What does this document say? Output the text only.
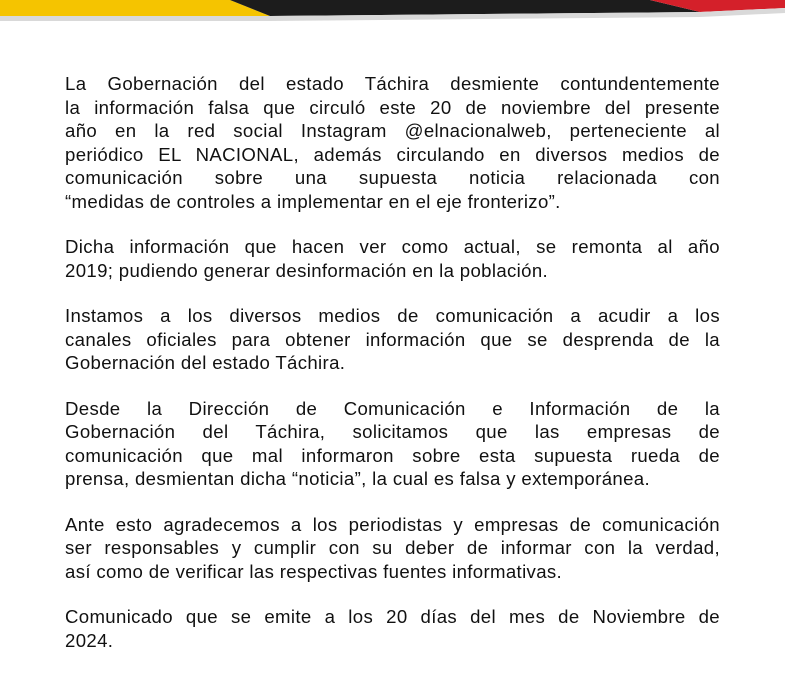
La Gobernación del estado Táchira desmiente contundentemente
la información falsa que circuló este 20 de noviembre del presente
año en la red social Instagram @elnacionalweb, perteneciente al
periódico EL NACIONAL, además circulando en diversos medios de
comunicación sobre una supuesta noticia relacionada con
“medidas de controles a implementar en el eje fronterizo”.

Dicha información que hacen ver como actual, se remonta al año
2019; pudiendo generar desinformación en la población.

Instamos a los diversos medios de comunicación a acudir a los
canales oficiales para obtener información que se desprenda de la
Gobernación del estado Táchira.

Desde la Dirección de Comunicación e Información de la
Gobernación del Táchira, solicitamos que las empresas de
comunicación que mal informaron sobre esta supuesta rueda de
prensa, desmientan dicha “noticia”, la cual es falsa y extemporánea.

Ante esto agradecemos a los periodistas y empresas de comunicación
ser responsables y cumplir con su deber de informar con la verdad,
así como de verificar las respectivas fuentes informativas.

Comunicado que se emite a los 20 días del mes de Noviembre de
2024.
